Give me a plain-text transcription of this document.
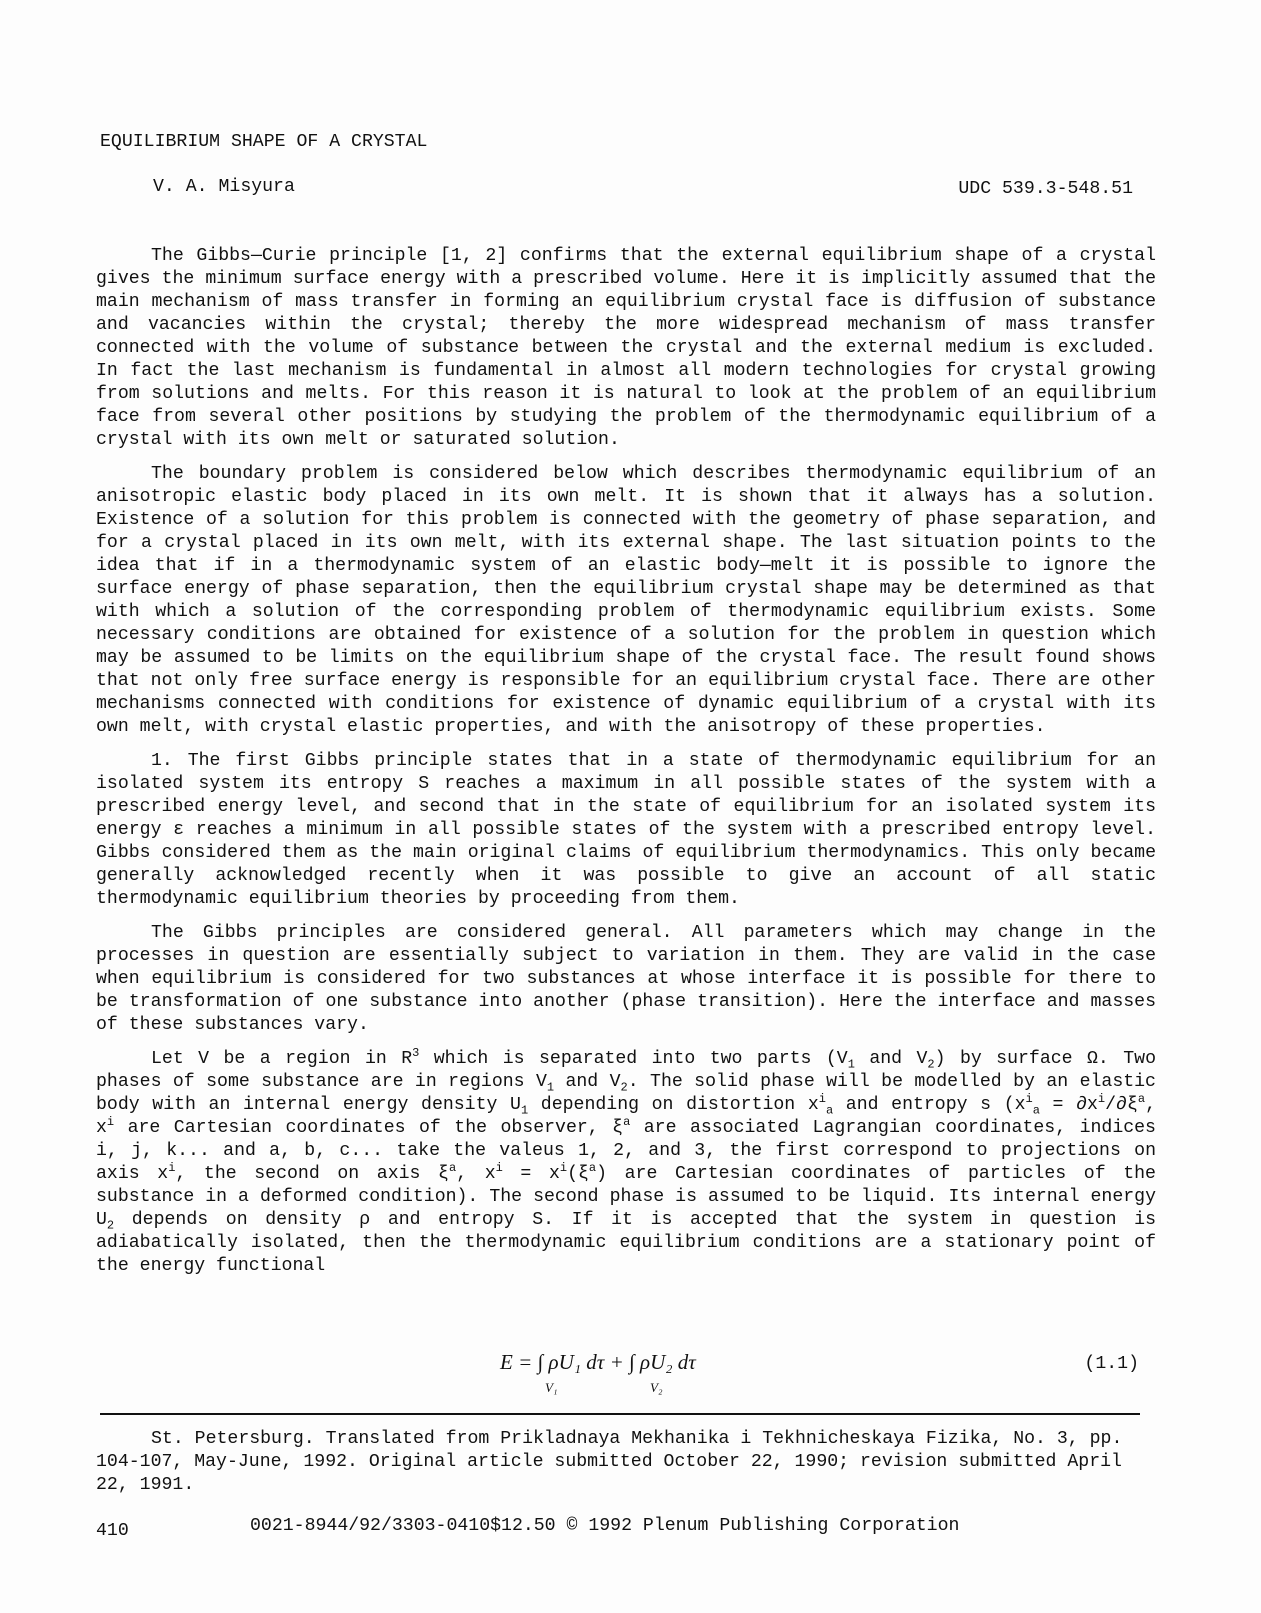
EQUILIBRIUM SHAPE OF A CRYSTAL
V. A. Misyura	UDC 539.3-548.51

The Gibbs—Curie principle [1, 2] confirms that the external equilibrium shape of a crystal gives the minimum surface energy with a prescribed volume. Here it is implicitly assumed that the main mechanism of mass transfer in forming an equilibrium crystal face is diffusion of substance and vacancies within the crystal; thereby the more widespread mechanism of mass transfer connected with the volume of substance between the crystal and the external medium is excluded. In fact the last mechanism is fundamental in almost all modern technologies for crystal growing from solutions and melts. For this reason it is natural to look at the problem of an equilibrium face from several other positions by studying the problem of the thermodynamic equilibrium of a crystal with its own melt or saturated solution.

The boundary problem is considered below which describes thermodynamic equilibrium of an anisotropic elastic body placed in its own melt. It is shown that it always has a solution. Existence of a solution for this problem is connected with the geometry of phase separation, and for a crystal placed in its own melt, with its external shape. The last situation points to the idea that if in a thermodynamic system of an elastic body—melt it is possible to ignore the surface energy of phase separation, then the equilibrium crystal shape may be determined as that with which a solution of the corresponding problem of thermodynamic equilibrium exists. Some necessary conditions are obtained for existence of a solution for the problem in question which may be assumed to be limits on the equilibrium shape of the crystal face. The result found shows that not only free surface energy is responsible for an equilibrium crystal face. There are other mechanisms connected with conditions for existence of dynamic equilibrium of a crystal with its own melt, with crystal elastic properties, and with the anisotropy of these properties.

1. The first Gibbs principle states that in a state of thermodynamic equilibrium for an isolated system its entropy S reaches a maximum in all possible states of the system with a prescribed energy level, and second that in the state of equilibrium for an isolated system its energy ε reaches a minimum in all possible states of the system with a prescribed entropy level. Gibbs considered them as the main original claims of equilibrium thermodynamics. This only became generally acknowledged recently when it was possible to give an account of all static thermodynamic equilibrium theories by proceeding from them.

The Gibbs principles are considered general. All parameters which may change in the processes in question are essentially subject to variation in them. They are valid in the case when equilibrium is considered for two substances at whose interface it is possible for there to be transformation of one substance into another (phase transition). Here the interface and masses of these substances vary.

Let V be a region in $R^3$ which is separated into two parts ($V_1$ and $V_2$) by surface Ω. Two phases of some substance are in regions $V_1$ and $V_2$. The solid phase will be modelled by an elastic body with an internal energy density $U_1$ depending on distortion $x^i_a$ and entropy s ($x^i_a = \partial x^i/\partial\xi^a$, $x^i$ are Cartesian coordinates of the observer, $\xi^a$ are associated Lagrangian coordinates, indices i, j, k... and a, b, c... take the valeus 1, 2, and 3, the first correspond to projections on axis $x^i$, the second on axis $\xi^a$, $x^i = x^i(\xi^a)$ are Cartesian coordinates of particles of the substance in a deformed condition). The second phase is assumed to be liquid. Its internal energy $U_2$ depends on density ρ and entropy S. If it is accepted that the system in question is adiabatically isolated, then the thermodynamic equilibrium conditions are a stationary point of the energy functional

E = ∫ ρU₁ dτ + ∫ ρU₂ dτ
V₁	V₂
(1.1)
St. Petersburg. Translated from Prikladnaya Mekhanika i Tekhnicheskaya Fizika, No. 3, pp. 104-107, May-June, 1992. Original article submitted October 22, 1990; revision submitted April 22, 1991.
410	0021-8944/92/3303-0410$12.50 © 1992 Plenum Publishing Corporation
